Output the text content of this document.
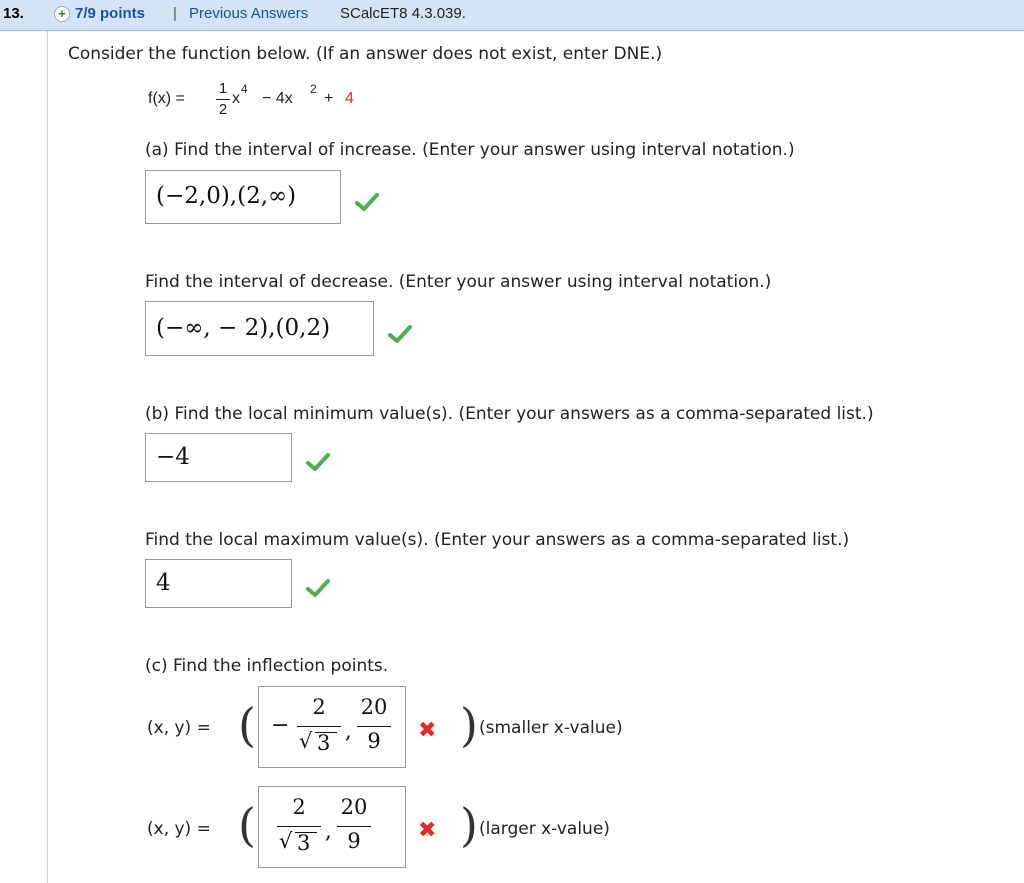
13.	+ 7/9 points | Previous Answers SCalcET8 4.3.039.
Consider the function below. (If an answer does not exist, enter DNE.)
f(x) =
1
2
x
4
− 4x
2
+ 4
(a) Find the interval of increase. (Enter your answer using interval notation.)
(−2,0),(2,∞)
Find the interval of decrease. (Enter your answer using interval notation.)
(−∞, − 2),(0,2)
(b) Find the local minimum value(s). (Enter your answers as a comma-separated list.)
−4
Find the local maximum value(s). (Enter your answers as a comma-separated list.)
4
(c) Find the inflection points.
(x, y) = ( −
2
√ 3 ,
20
9	✖ ) (smaller x-value)
(x, y) = (	2
√ 3 ,
20
9	✖ ) (larger x-value)
